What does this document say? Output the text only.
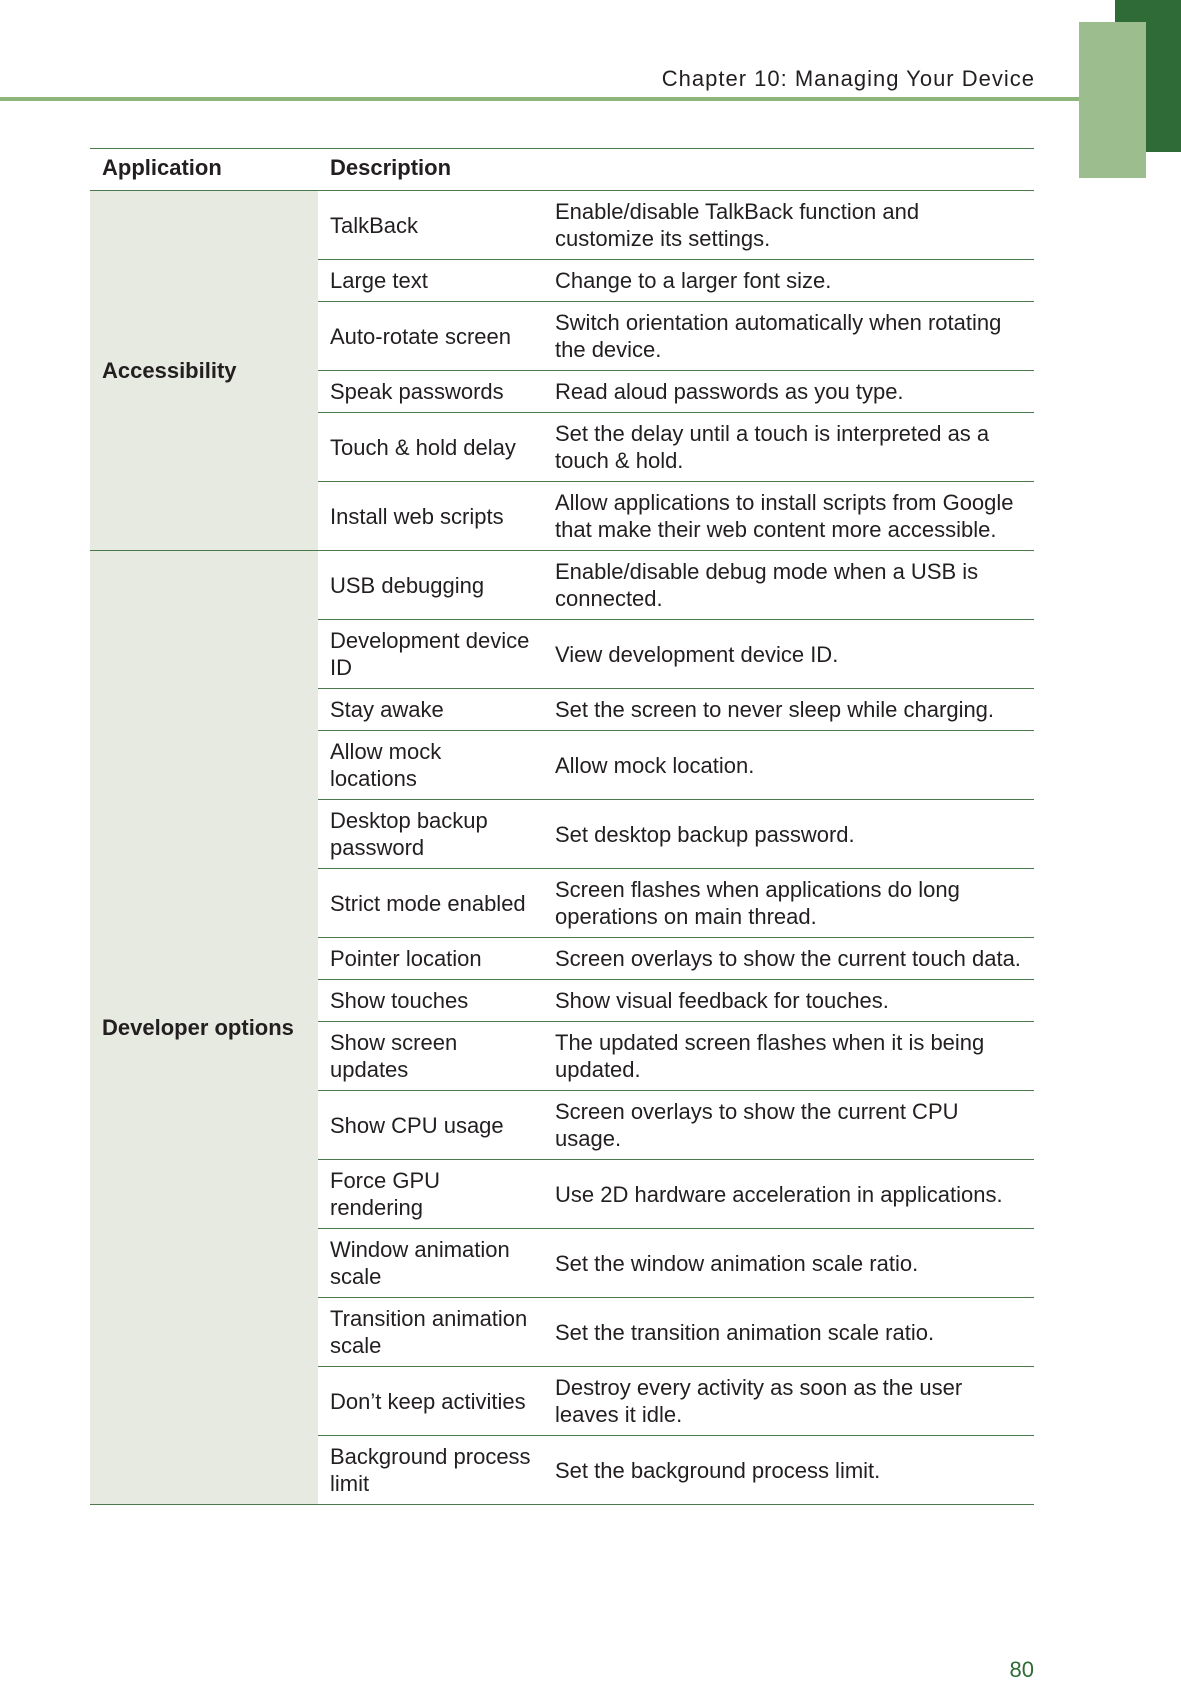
Chapter 10: Managing Your Device
Application	Description	
Accessibility	TalkBack	Enable/disable TalkBack function and customize its settings.
	Large text	Change to a larger font size.
	Auto-rotate screen	Switch orientation automatically when rotating the device.
	Speak passwords	Read aloud passwords as you type.
	Touch & hold delay	Set the delay until a touch is interpreted as a touch & hold.
	Install web scripts	Allow applications to install scripts from Google that make their web content more accessible.
Developer options	USB debugging	Enable/disable debug mode when a USB is connected.
	Development device ID	View development device ID.
	Stay awake	Set the screen to never sleep while charging.
	Allow mock locations	Allow mock location.
	Desktop backup password	Set desktop backup password.
	Strict mode enabled	Screen flashes when applications do long operations on main thread.
	Pointer location	Screen overlays to show the current touch data.
	Show touches	Show visual feedback for touches.
	Show screen updates	The updated screen flashes when it is being updated.
	Show CPU usage	Screen overlays to show the current CPU usage.
	Force GPU rendering	Use 2D hardware acceleration in applications.
	Window animation scale	Set the window animation scale ratio.
	Transition animation scale	Set the transition animation scale ratio.
	Don’t keep activities	Destroy every activity as soon as the user leaves it idle.
	Background process limit	Set the background process limit.
80
